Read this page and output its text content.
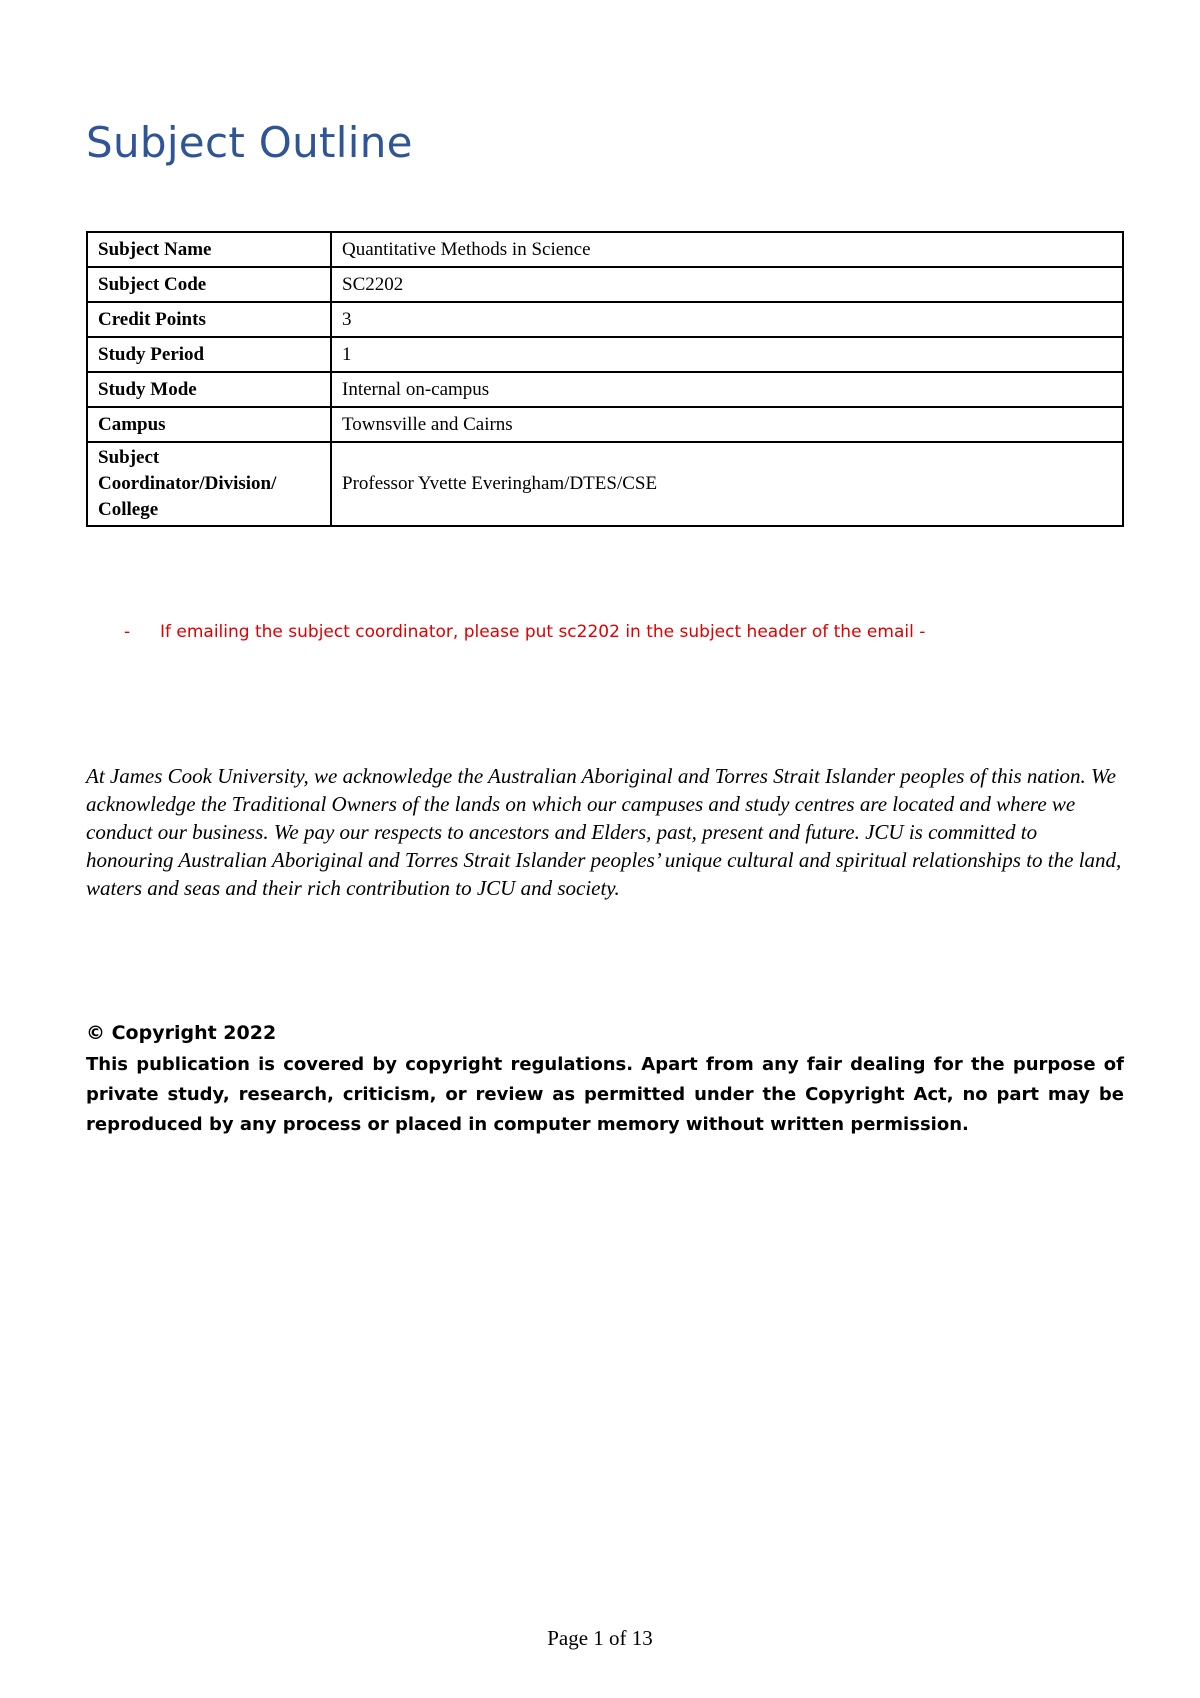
Subject Outline
Subject Name	Quantitative Methods in Science
Subject Code	SC2202
Credit Points	3
Study Period	1
Study Mode	Internal on-campus
Campus	Townsville and Cairns
Subject
Coordinator/Division/
College	Professor Yvette Everingham/DTES/CSE
- If emailing the subject coordinator, please put sc2202 in the subject header of the email -

At James Cook University, we acknowledge the Australian Aboriginal and Torres Strait Islander peoples of this nation. We acknowledge the Traditional Owners of the lands on which our campuses and study centres are located and where we conduct our business. We pay our respects to ancestors and Elders, past, present and future. JCU is committed to honouring Australian Aboriginal and Torres Strait Islander peoples’ unique cultural and spiritual relationships to the land, waters and seas and their rich contribution to JCU and society.

© Copyright 2022

This publication is covered by copyright regulations. Apart from any fair dealing for the purpose of private study, research, criticism, or review as permitted under the Copyright Act, no part may be reproduced by any process or placed in computer memory without written permission.

Page 1 of 13
